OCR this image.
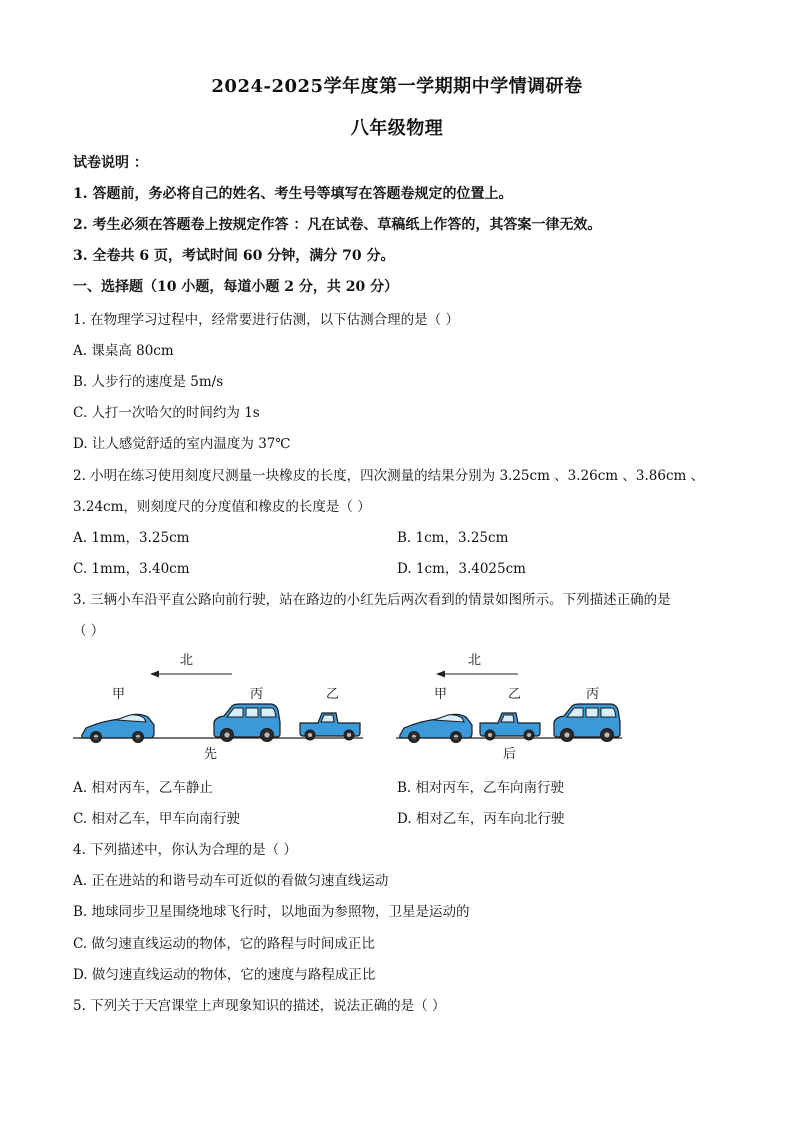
2024-2025学年度第一学期期中学情调研卷
八年级物理
试卷说明 ：
1. 答题前，务必将自己的姓名、考生号等填写在答题卷规定的位置上。
2. 考生必须在答题卷上按规定作答 ：凡在试卷、草稿纸上作答的，其答案一律无效。
3. 全卷共 6 页，考试时间 60 分钟，满分 70 分。
一、选择题（10 小题，每道小题 2 分，共 20 分）
1. 在物理学习过程中，经常要进行估测，以下估测合理的是（ ）
A. 课桌高 80cm
B. 人步行的速度是 5m/s
C. 人打一次哈欠的时间约为 1s
D. 让人感觉舒适的室内温度为 37℃
2. 小明在练习使用刻度尺测量一块橡皮的长度，四次测量的结果分别为 3.25cm 、3.26cm 、3.86cm 、
3.24cm，则刻度尺的分度值和橡皮的长度是（ ）
A. 1mm，3.25cm	B. 1cm，3.25cm
C. 1mm，3.40cm	D. 1cm，3.4025cm
3. 三辆小车沿平直公路向前行驶，站在路边的小红先后两次看到的情景如图所示。下列描述正确的是
（ ）
北
甲	丙	乙
先
北
甲	乙	丙
后
A. 相对丙车，乙车静止	B. 相对丙车，乙车向南行驶
C. 相对乙车，甲车向南行驶	D. 相对乙车，丙车向北行驶
4. 下列描述中，你认为合理的是（ ）
A. 正在进站的和谐号动车可近似的看做匀速直线运动
B. 地球同步卫星围绕地球飞行时，以地面为参照物，卫星是运动的
C. 做匀速直线运动的物体，它的路程与时间成正比
D. 做匀速直线运动的物体，它的速度与路程成正比
5. 下列关于天宫课堂上声现象知识的描述，说法正确的是（ ）
